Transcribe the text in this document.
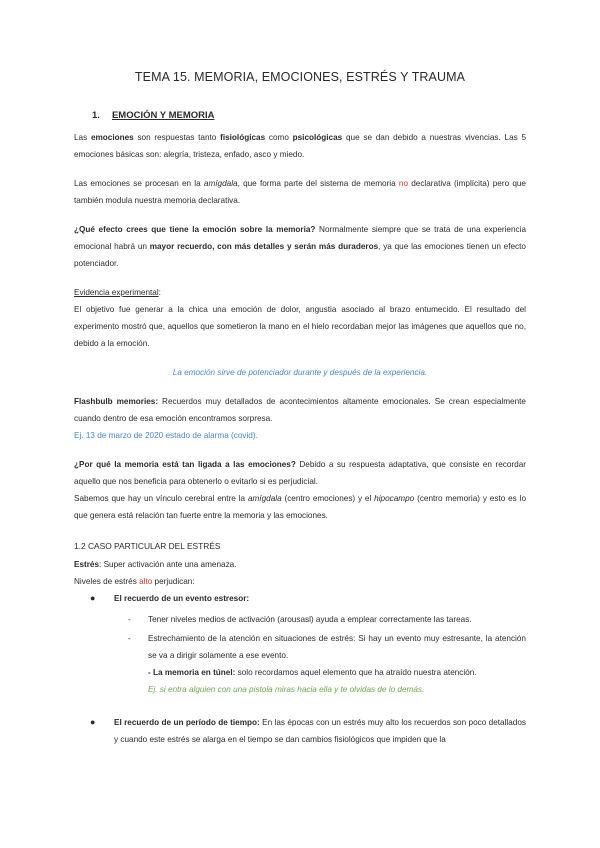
TEMA 15. MEMORIA, EMOCIONES, ESTRÉS Y TRAUMA
1. EMOCIÓN Y MEMORIA

Las emociones son respuestas tanto fisiológicas como psicológicas que se dan debido a nuestras vivencias. Las 5 emociones básicas son: alegría, tristeza, enfado, asco y miedo.

Las emociones se procesan en la amígdala, que forma parte del sistema de memoria no declarativa (implícita) pero que también modula nuestra memoria declarativa.

¿Qué efecto crees que tiene la emoción sobre la memoria? Normalmente siempre que se trata de una experiencia emocional habrá un mayor recuerdo, con más detalles y serán más duraderos, ya que las emociones tienen un efecto potenciador.

Evidencia experimental:

El objetivo fue generar a la chica una emoción de dolor, angustia asociado al brazo entumecido. El resultado del experimento mostró que, aquellos que sometieron la mano en el hielo recordaban mejor las imágenes que aquellos que no, debido a la emoción.

La emoción sirve de potenciador durante y después de la experiencia.

Flashbulb memories: Recuerdos muy detallados de acontecimientos altamente emocionales. Se crean especialmente cuando dentro de esa emoción encontramos sorpresa.

Ej. 13 de marzo de 2020 estado de alarma (covid).

¿Por qué la memoria está tan ligada a las emociones? Debido a su respuesta adaptativa, que consiste en recordar aquello que nos beneficia para obtenerlo o evitarlo si es perjudicial.

Sabemos que hay un vínculo cerebral entre la amígdala (centro emociones) y el hipocampo (centro memoria) y esto es lo que genera está relación tan fuerte entre la memoria y las emociones.

1.2 CASO PARTICULAR DEL ESTRÉS

Estrés: Super activación ante una amenaza.

Niveles de estrés alto perjudican:

● El recuerdo de un evento estresor:
- Tener niveles medios de activación (arousasl) ayuda a emplear correctamente las tareas.
- Estrechamiento de la atención en situaciones de estrés: Si hay un evento muy estresante, la atención se va a dirigir solamente a ese evento.
- La memoria en túnel: solo recordamos aquel elemento que ha atraído nuestra atención.
Ej. si entra alguien con una pistola miras hacia ella y te olvidas de lo demás.
● El recuerdo de un período de tiempo: En las épocas con un estrés muy alto los recuerdos son poco detallados y cuando este estrés se alarga en el tiempo se dan cambios fisiológicos que impiden que la
